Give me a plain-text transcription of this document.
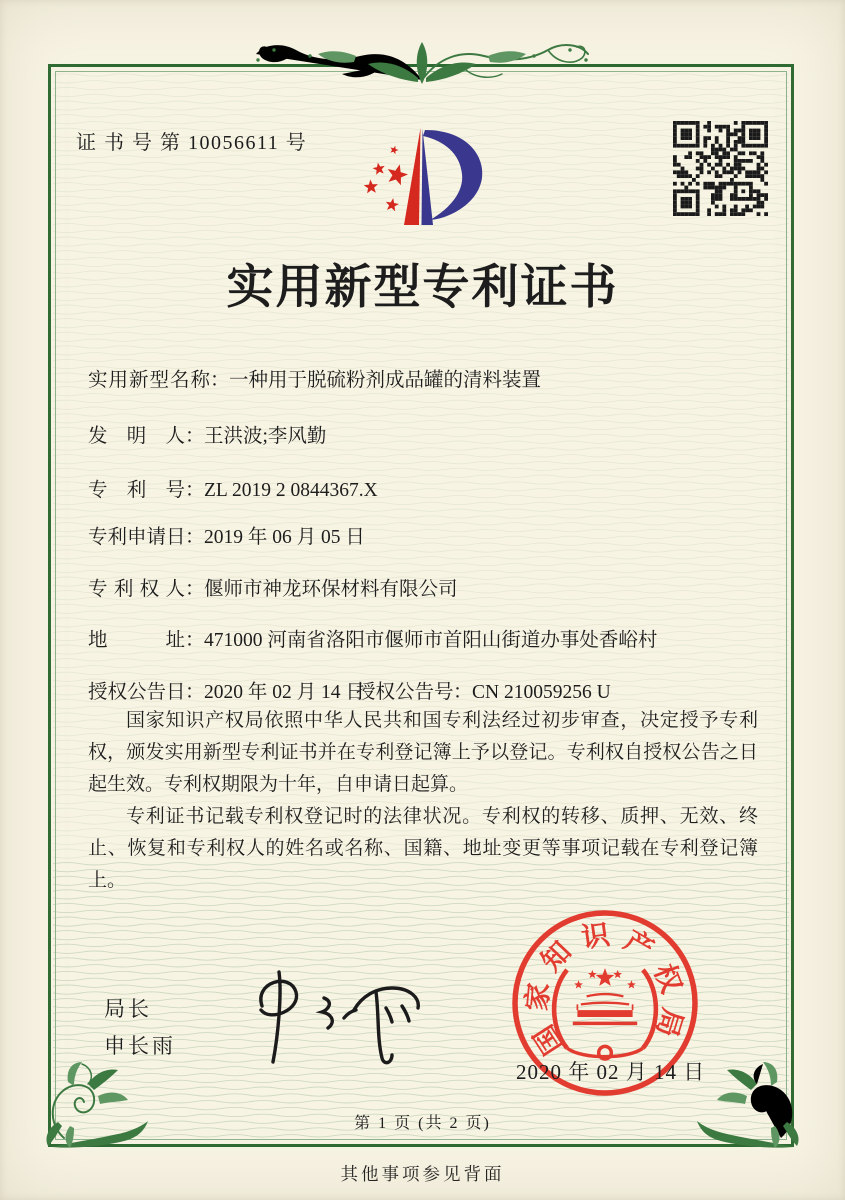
证 书 号 第 10056611 号
实用新型专利证书
实用新型名称：一种用于脱硫粉剂成品罐的清料装置
发明人：王洪波;李风勤
专利号：ZL 2019 2 0844367.X
专利申请日：2019 年 06 月 05 日
专利权人：偃师市神龙环保材料有限公司
地址：471000 河南省洛阳市偃师市首阳山街道办事处香峪村
授权公告日：2020 年 02 月 14 日
授权公告号：CN 210059256 U

国家知识产权局依照中华人民共和国专利法经过初步审查，决定授予专利权，颁发实用新型专利证书并在专利登记簿上予以登记。专利权自授权公告之日起生效。专利权期限为十年，自申请日起算。

专利证书记载专利权登记时的法律状况。专利权的转移、质押、无效、终止、恢复和专利权人的姓名或名称、国籍、地址变更等事项记载在专利登记簿上。

局长
申长雨	国
家
知 识 产
权
局
2020 年 02 月 14 日
第 1 页 (共 2 页)
其他事项参见背面
